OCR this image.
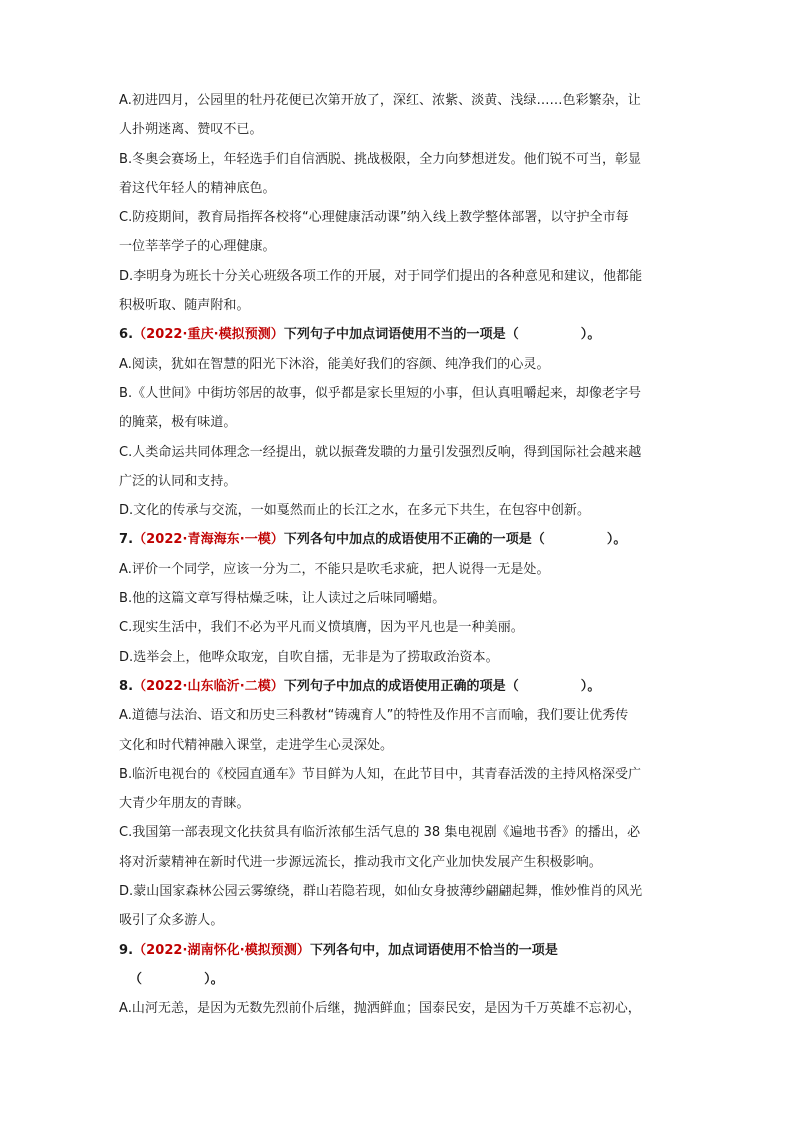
A.初进四月，公园里的牡丹花便已次第开放了，深红、浓紫、淡黄、浅绿……色彩繁杂，让
人扑朔迷离、赞叹不已。
B.冬奥会赛场上，年轻选手们自信洒脱、挑战极限，全力向梦想迸发。他们锐不可当，彰显
着这代年轻人的精神底色。
C.防疫期间，教育局指挥各校将“心理健康活动课”纳入线上教学整体部署，以守护全市每
一位莘莘学子的心理健康。
D.李明身为班长十分关心班级各项工作的开展，对于同学们提出的各种意见和建议，他都能
积极听取、随声附和。
6.（2022·重庆·模拟预测）下列句子中加点词语使用不当的一项是（	）。
A.阅读，犹如在智慧的阳光下沐浴，能美好我们的容颜、纯净我们的心灵。
B.《人世间》中街坊邻居的故事，似乎都是家长里短的小事，但认真咀嚼起来，却像老字号
的腌菜，极有味道。
C.人类命运共同体理念一经提出，就以振聋发聩的力量引发强烈反响，得到国际社会越来越
广泛的认同和支持。
D.文化的传承与交流，一如戛然而止的长江之水，在多元下共生，在包容中创新。
7.（2022·青海海东·一模）下列各句中加点的成语使用不正确的一项是（	）。
A.评价一个同学，应该一分为二，不能只是吹毛求疵，把人说得一无是处。
B.他的这篇文章写得枯燥乏味，让人读过之后味同嚼蜡。
C.现实生活中，我们不必为平凡而义愤填膺，因为平凡也是一种美丽。
D.选举会上，他哗众取宠，自吹自擂，无非是为了捞取政治资本。
8.（2022·山东临沂·二模）下列句子中加点的成语使用正确的项是（	）。
A.道德与法治、语文和历史三科教材“铸魂育人”的特性及作用不言而喻，我们要让优秀传
文化和时代精神融入课堂，走进学生心灵深处。
B.临沂电视台的《校园直通车》节目鲜为人知，在此节目中，其青春活泼的主持风格深受广
大青少年朋友的青睐。
C.我国第一部表现文化扶贫具有临沂浓郁生活气息的 38 集电视剧《遍地书香》的播出，必
将对沂蒙精神在新时代进一步源远流长，推动我市文化产业加快发展产生积极影响。
D.蒙山国家森林公园云雾缭绕，群山若隐若现，如仙女身披薄纱翩翩起舞，惟妙惟肖的风光
吸引了众多游人。
9.（2022·湖南怀化·模拟预测）下列各句中，加点词语使用不恰当的一项是
（	）。
A.山河无恙，是因为无数先烈前仆后继，抛洒鲜血；国泰民安，是因为千万英雄不忘初心，
